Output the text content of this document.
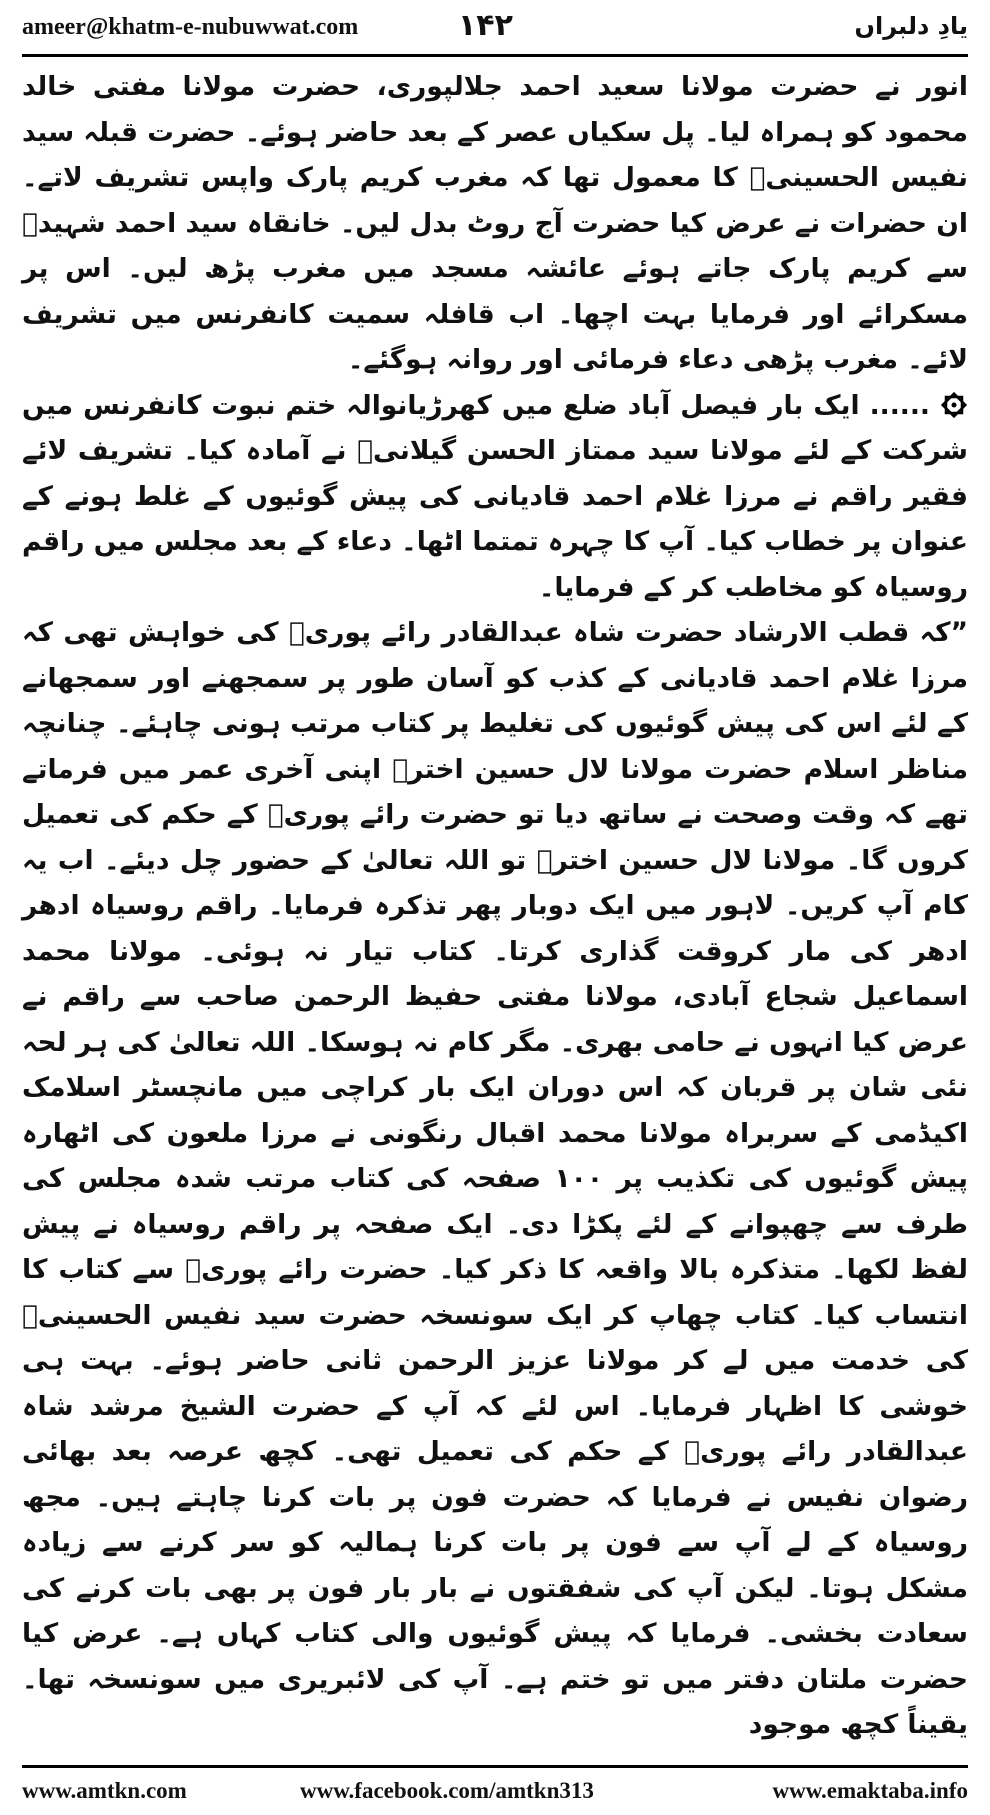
ameer@khatm-e-nubuwwat.com	۱۴۲	یادِ دلبراں

انور نے حضرت مولانا سعید احمد جلالپوری، حضرت مولانا مفتی خالد محمود کو ہمراہ لیا۔ پل سکیاں عصر کے بعد حاضر ہوئے۔ حضرت قبلہ سید نفیس الحسینیؒ کا معمول تھا کہ مغرب کریم پارک واپس تشریف لاتے۔ ان حضرات نے عرض کیا حضرت آج روٹ بدل لیں۔ خانقاہ سید احمد شہیدؒ سے کریم پارک جاتے ہوئے عائشہ مسجد میں مغرب پڑھ لیں۔ اس پر مسکرائے اور فرمایا بہت اچھا۔ اب قافلہ سمیت کانفرنس میں تشریف لائے۔ مغرب پڑھی دعاء فرمائی اور روانہ ہوگئے۔

...... ایک بار فیصل آباد ضلع میں کھرڑیانوالہ ختم نبوت کانفرنس میں شرکت کے لئے مولانا سید ممتاز الحسن گیلانیؒ نے آمادہ کیا۔ تشریف لائے فقیر راقم نے مرزا غلام احمد قادیانی کی پیش گوئیوں کے غلط ہونے کے عنوان پر خطاب کیا۔ آپ کا چہرہ تمتما اٹھا۔ دعاء کے بعد مجلس میں راقم روسیاہ کو مخاطب کر کے فرمایا۔

”کہ قطب الارشاد حضرت شاہ عبدالقادر رائے پوریؒ کی خواہش تھی کہ مرزا غلام احمد قادیانی کے کذب کو آسان طور پر سمجھنے اور سمجھانے کے لئے اس کی پیش گوئیوں کی تغلیط پر کتاب مرتب ہونی چاہئے۔ چنانچہ مناظر اسلام حضرت مولانا لال حسین اخترؒ اپنی آخری عمر میں فرماتے تھے کہ وقت وصحت نے ساتھ دیا تو حضرت رائے پوریؒ کے حکم کی تعمیل کروں گا۔ مولانا لال حسین اخترؒ تو اللہ تعالیٰ کے حضور چل دیئے۔ اب یہ کام آپ کریں۔ لاہور میں ایک دوبار پھر تذکرہ فرمایا۔ راقم روسیاہ ادھر ادھر کی مار کروقت گذاری کرتا۔ کتاب تیار نہ ہوئی۔ مولانا محمد اسماعیل شجاع آبادی، مولانا مفتی حفیظ الرحمن صاحب سے راقم نے عرض کیا انہوں نے حامی بھری۔ مگر کام نہ ہوسکا۔ اللہ تعالیٰ کی ہر لحہ نئی شان پر قربان کہ اس دوران ایک بار کراچی میں مانچسٹر اسلامک اکیڈمی کے سربراہ مولانا محمد اقبال رنگونی نے مرزا ملعون کی اٹھارہ پیش گوئیوں کی تکذیب پر ۱۰۰ صفحہ کی کتاب مرتب شدہ مجلس کی طرف سے چھپوانے کے لئے پکڑا دی۔ ایک صفحہ پر راقم روسیاہ نے پیش لفظ لکھا۔ متذکرہ بالا واقعہ کا ذکر کیا۔ حضرت رائے پوریؒ سے کتاب کا انتساب کیا۔ کتاب چھاپ کر ایک سونسخہ حضرت سید نفیس الحسینیؒ کی خدمت میں لے کر مولانا عزیز الرحمن ثانی حاضر ہوئے۔ بہت ہی خوشی کا اظہار فرمایا۔ اس لئے کہ آپ کے حضرت الشیخ مرشد شاہ عبدالقادر رائے پوریؒ کے حکم کی تعمیل تھی۔ کچھ عرصہ بعد بھائی رضوان نفیس نے فرمایا کہ حضرت فون پر بات کرنا چاہتے ہیں۔ مجھ روسیاہ کے لے آپ سے فون پر بات کرنا ہمالیہ کو سر کرنے سے زیادہ مشکل ہوتا۔ لیکن آپ کی شفقتوں نے بار بار فون پر بھی بات کرنے کی سعادت بخشی۔ فرمایا کہ پیش گوئیوں والی کتاب کہاں ہے۔ عرض کیا حضرت ملتان دفتر میں تو ختم ہے۔ آپ کی لائبریری میں سونسخہ تھا۔ یقیناً کچھ موجود

www.amtkn.com	www.facebook.com/amtkn313	www.emaktaba.info
